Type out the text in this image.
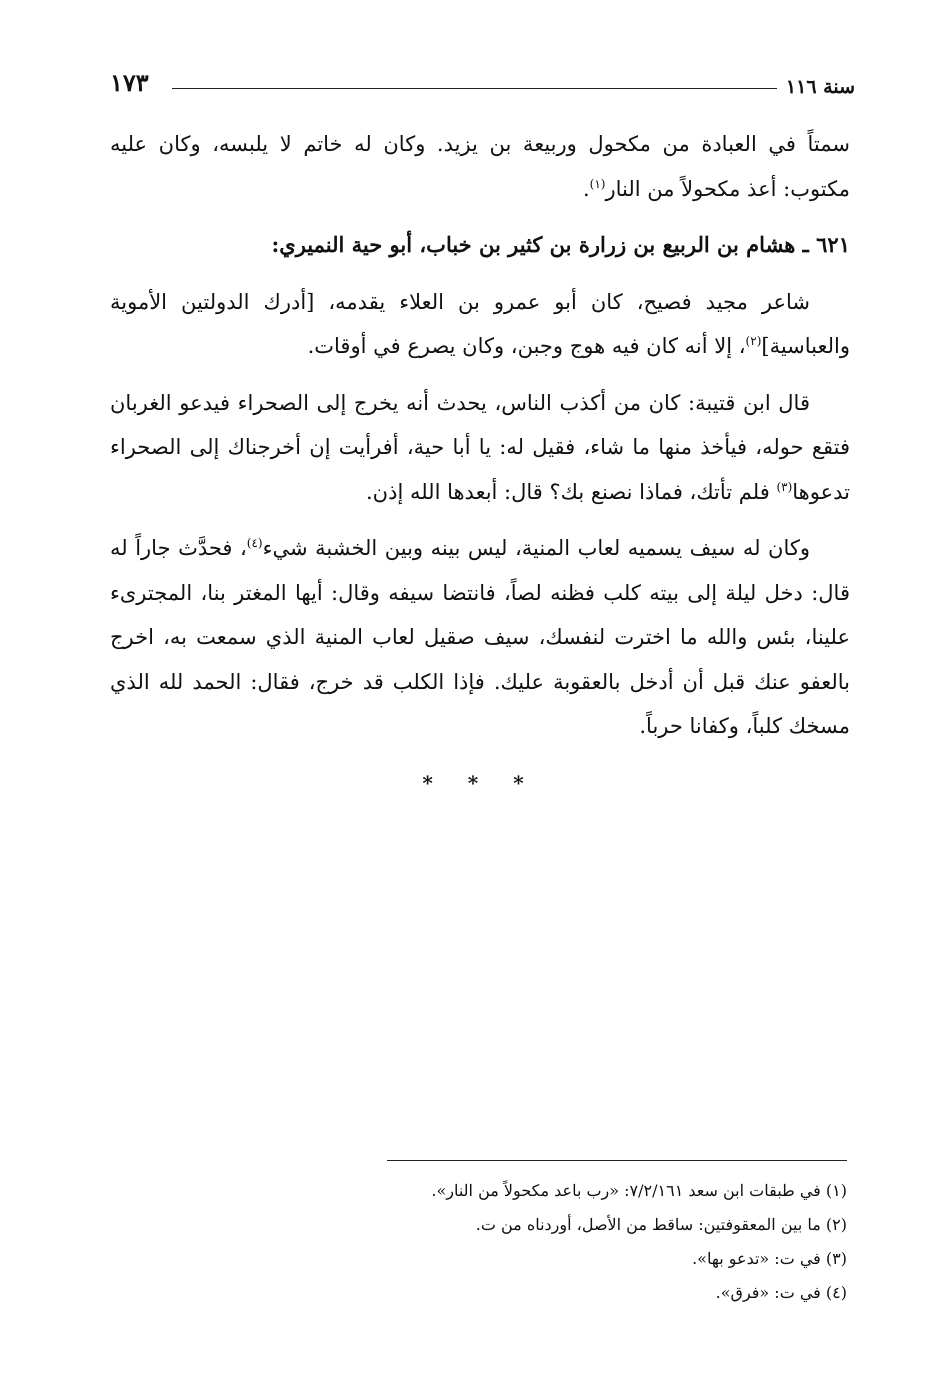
سنة ١١٦
١٧٣

سمتاً في العبادة من مكحول وربيعة بن يزيد. وكان له خاتم لا يلبسه، وكان عليه مكتوب: أعذ مكحولاً من النار$^{(١)}$.

٦٢١ ـ هشام بن الربيع بن زرارة بن كثير بن خباب، أبو حية النميري:

شاعر مجيد فصيح، كان أبو عمرو بن العلاء يقدمه، [أدرك الدولتين الأموية والعباسية]$^{(٢)}$، إلا أنه كان فيه هوج وجبن، وكان يصرع في أوقات.

قال ابن قتيبة: كان من أكذب الناس، يحدث أنه يخرج إلى الصحراء فيدعو الغربان فتقع حوله، فيأخذ منها ما شاء، فقيل له: يا أبا حية، أفرأيت إن أخرجناك إلى الصحراء تدعوها$^{(٣)}$ فلم تأتك، فماذا نصنع بك؟ قال: أبعدها الله إذن.

وكان له سيف يسميه لعاب المنية، ليس بينه وبين الخشبة شيء$^{(٤)}$، فحدَّث جاراً له قال: دخل ليلة إلى بيته كلب فظنه لصاً، فانتضا سيفه وقال: أيها المغتر بنا، المجترىء علينا، بئس والله ما اخترت لنفسك، سيف صقيل لعاب المنية الذي سمعت به، اخرج بالعفو عنك قبل أن أدخل بالعقوبة عليك. فإذا الكلب قد خرج، فقال: الحمد لله الذي مسخك كلباً، وكفانا حرباً.

* * *
(١) في طبقات ابن سعد ٧/٢/١٦١: «رب باعد مكحولاً من النار».
(٢) ما بين المعقوفتين: ساقط من الأصل، أوردناه من ت.
(٣) في ت: «تدعو بها».
(٤) في ت: «فرق».
